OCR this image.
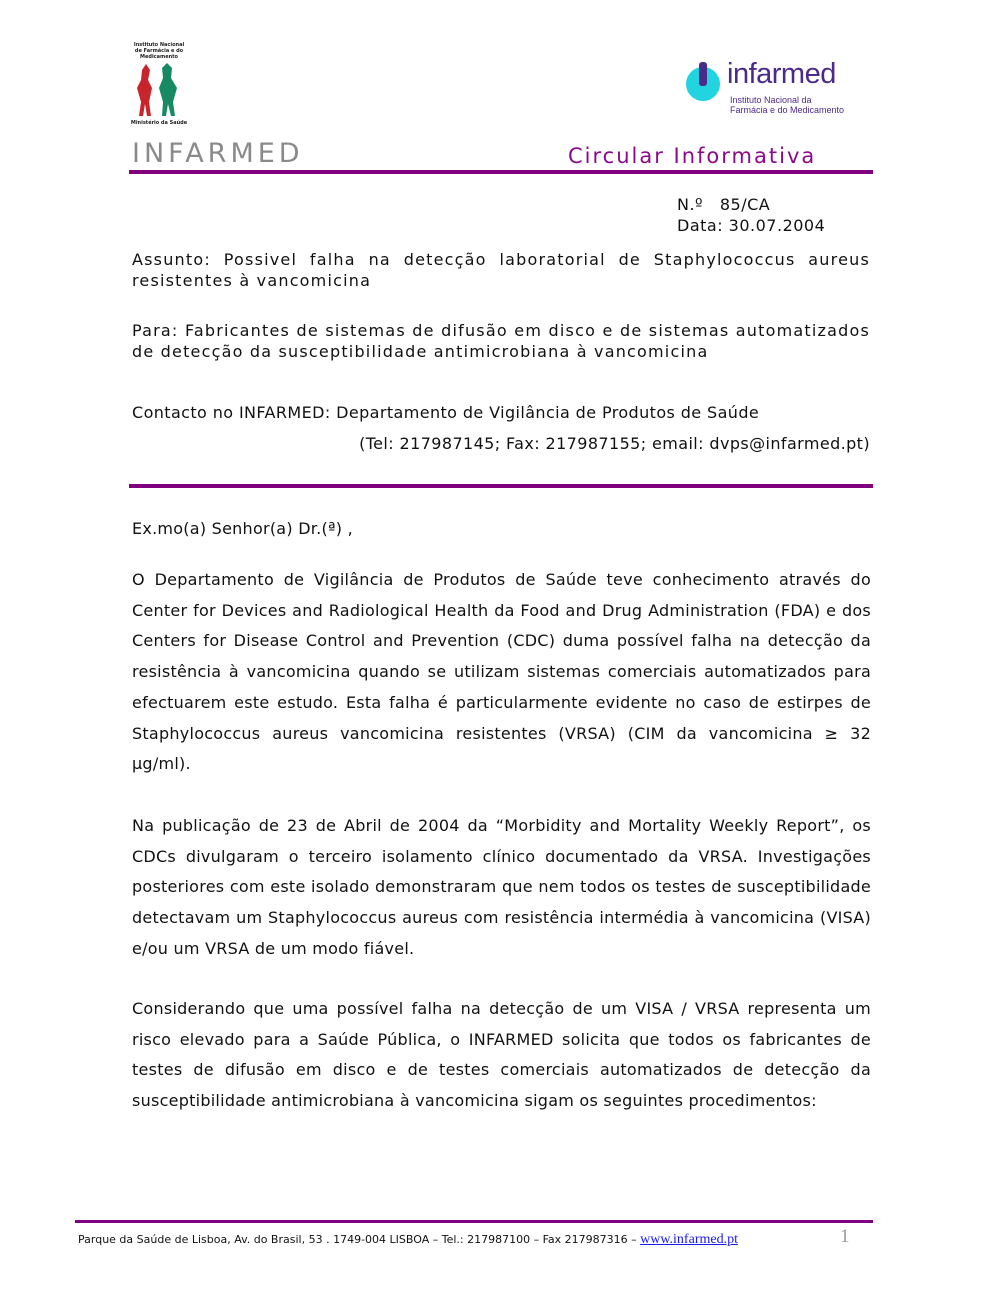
Instituto Nacional de Farmácia e do Medicamento
Ministério da Saúde
infarmed
Instituto Nacional da Farmácia e do Medicamento
INFARMED	Circular Informativa
N.º   85/CA
Data: 30.07.2004
Assunto: Possivel falha na detecção laboratorial de Staphylococcus aureus resistentes à vancomicina
Para: Fabricantes de sistemas de difusão em disco e de sistemas automatizados de detecção da susceptibilidade antimicrobiana à vancomicina
Contacto no INFARMED: Departamento de Vigilância de Produtos de Saúde
(Tel: 217987145; Fax: 217987155; email: dvps@infarmed.pt)
Ex.mo(a) Senhor(a) Dr.(ª) ,
O Departamento de Vigilância de Produtos de Saúde teve conhecimento através do Center for Devices and Radiological Health da Food and Drug Administration (FDA) e dos Centers for Disease Control and Prevention (CDC) duma possível falha na detecção da resistência à vancomicina quando se utilizam sistemas comerciais automatizados para efectuarem este estudo. Esta falha é particularmente evidente no caso de estirpes de Staphylococcus aureus vancomicina resistentes (VRSA) (CIM da vancomicina ≥ 32 µg/ml).
Na publicação de 23 de Abril de 2004 da “Morbidity and Mortality Weekly Report”, os CDCs divulgaram o terceiro isolamento clínico documentado da VRSA. Investigações posteriores com este isolado demonstraram que nem todos os testes de susceptibilidade detectavam um Staphylococcus aureus com resistência intermédia à vancomicina (VISA) e/ou um VRSA de um modo fiável.
Considerando que uma possível falha na detecção de um VISA / VRSA representa um risco elevado para a Saúde Pública, o INFARMED solicita que todos os fabricantes de testes de difusão em disco e de testes comerciais automatizados de detecção da susceptibilidade antimicrobiana à vancomicina sigam os seguintes procedimentos:
Parque da Saúde de Lisboa, Av. do Brasil, 53 . 1749-004 LISBOA – Tel.: 217987100 – Fax 217987316 – www.infarmed.pt	1
